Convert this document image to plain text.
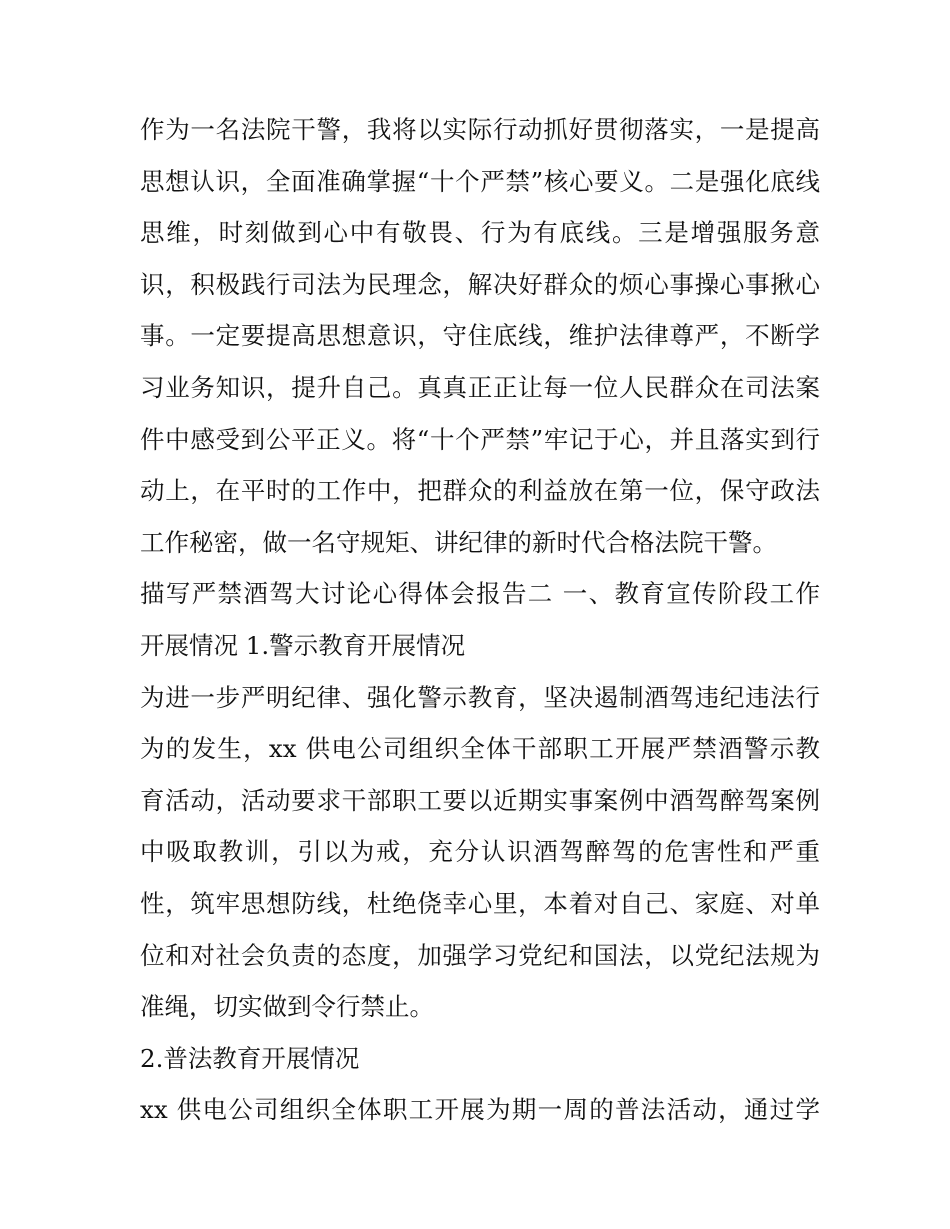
作为一名法院干警，我将以实际行动抓好贯彻落实，一是提高
思想认识，全面准确掌握“十个严禁”核心要义。二是强化底线
思维，时刻做到心中有敬畏、行为有底线。三是增强服务意
识，积极践行司法为民理念，解决好群众的烦心事操心事揪心
事。一定要提高思想意识，守住底线，维护法律尊严，不断学
习业务知识，提升自己。真真正正让每一位人民群众在司法案
件中感受到公平正义。将“十个严禁”牢记于心，并且落实到行
动上，在平时的工作中，把群众的利益放在第一位，保守政法
工作秘密，做一名守规矩、讲纪律的新时代合格法院干警。
描写严禁酒驾大讨论心得体会报告二 一、教育宣传阶段工作
开展情况 1.警示教育开展情况
为进一步严明纪律、强化警示教育，坚决遏制酒驾违纪违法行
为的发生，xx 供电公司组织全体干部职工开展严禁酒警示教
育活动，活动要求干部职工要以近期实事案例中酒驾醉驾案例
中吸取教训，引以为戒，充分认识酒驾醉驾的危害性和严重
性，筑牢思想防线，杜绝侥幸心里，本着对自己、家庭、对单
位和对社会负责的态度，加强学习党纪和国法，以党纪法规为
准绳，切实做到令行禁止。
2.普法教育开展情况
xx 供电公司组织全体职工开展为期一周的普法活动，通过学
